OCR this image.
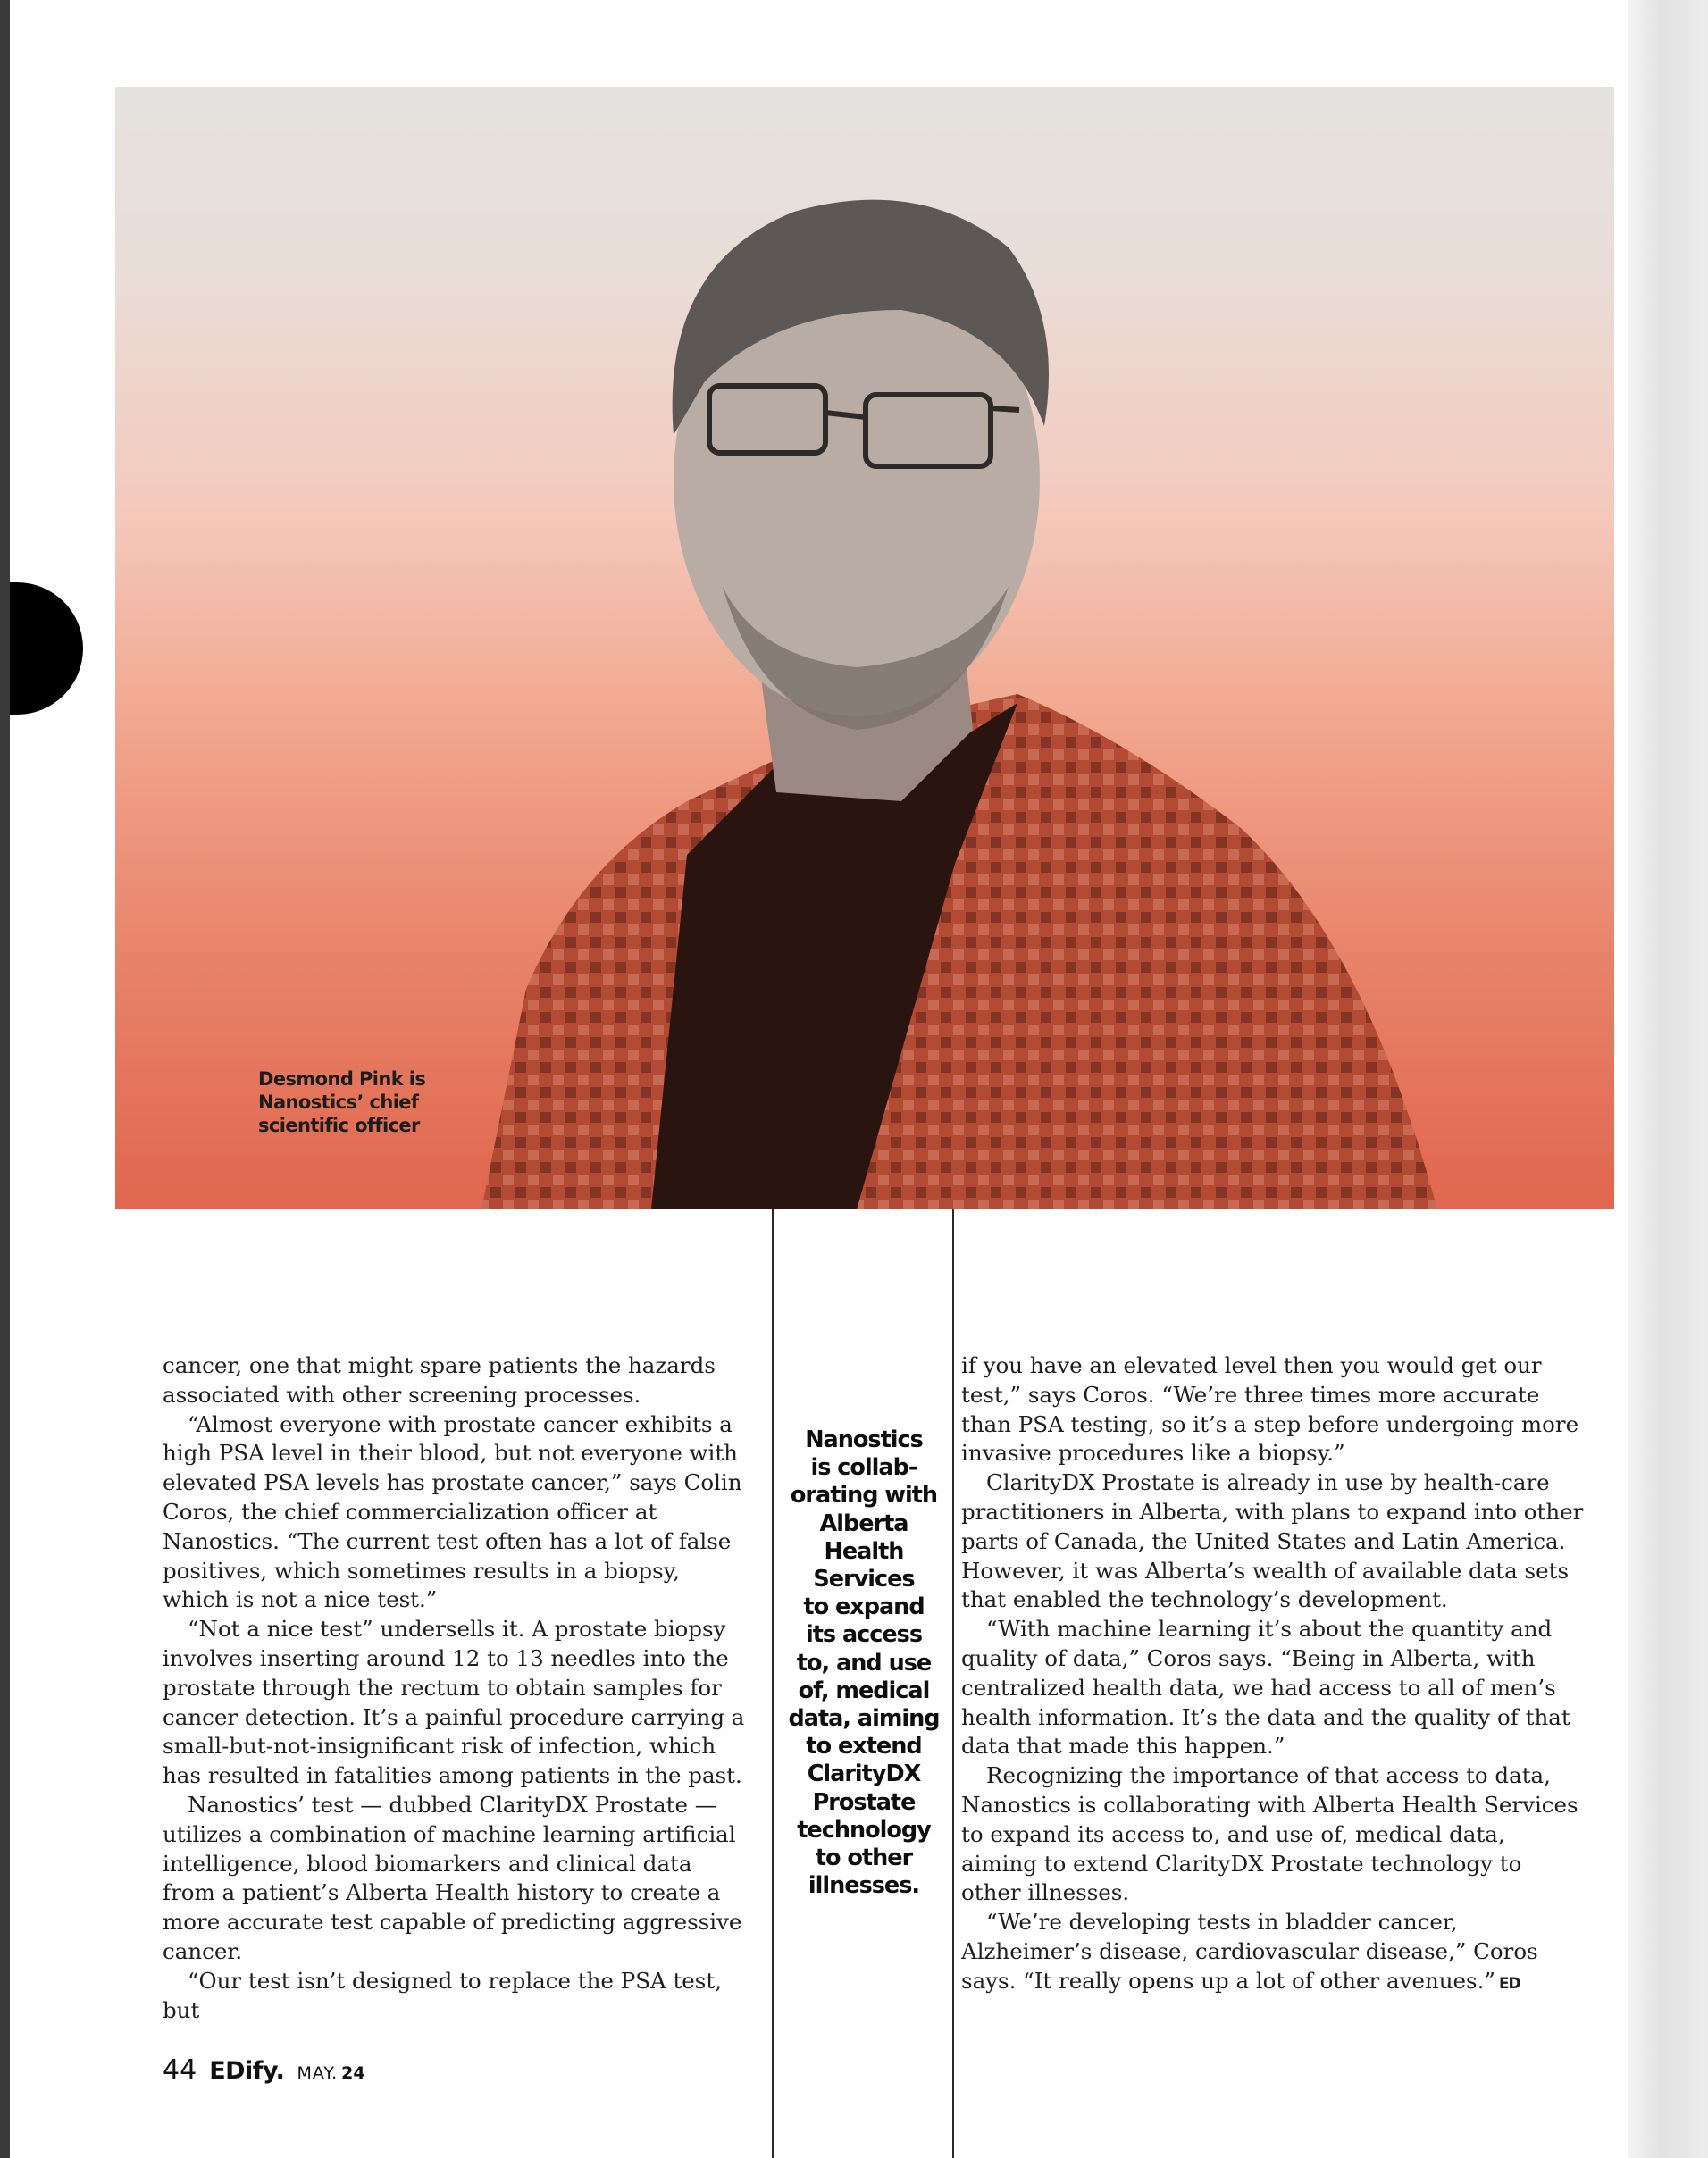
Desmond Pink is
Nanostics’ chief
scientific officer

cancer, one that might spare patients the hazards associated with other screening processes.

“Almost everyone with prostate cancer exhibits a high PSA level in their blood, but not everyone with elevated PSA levels has prostate cancer,” says Colin Coros, the chief commercialization officer at Nanostics. “The current test often has a lot of false positives, which sometimes results in a biopsy, which is not a nice test.”

“Not a nice test” undersells it. A prostate biopsy involves inserting around 12 to 13 needles into the prostate through the rectum to obtain samples for cancer detection. It’s a painful procedure carrying a small-but-not-insignificant risk of infection, which has resulted in fatalities among patients in the past.

Nanostics’ test — dubbed ClarityDX Prostate — utilizes a combination of machine learning artificial intelligence, blood biomarkers and clinical data from a patient’s Alberta Health history to create a more accurate test capable of predicting aggressive cancer.

“Our test isn’t designed to replace the PSA test, but

Nanostics
is collab-
orating with
Alberta
Health
Services
to expand
its access
to, and use
of, medical
data, aiming
to extend
ClarityDX
Prostate
technology
to other
illnesses.

if you have an elevated level then you would get our test,” says Coros. “We’re three times more accurate than PSA testing, so it’s a step before undergoing more invasive procedures like a biopsy.”

ClarityDX Prostate is already in use by health-care practitioners in Alberta, with plans to expand into other parts of Canada, the United States and Latin America. However, it was Alberta’s wealth of available data sets that enabled the technology’s development.

“With machine learning it’s about the quantity and quality of data,” Coros says. “Being in Alberta, with centralized health data, we had access to all of men’s health information. It’s the data and the quality of that data that made this happen.”

Recognizing the importance of that access to data, Nanostics is collaborating with Alberta Health Services to expand its access to, and use of, medical data, aiming to extend ClarityDX Prostate technology to other illnesses.

“We’re developing tests in bladder cancer, Alzheimer’s disease, cardiovascular disease,” Coros says. “It really opens up a lot of other avenues.” ED

44 EDify. MAY. 24
